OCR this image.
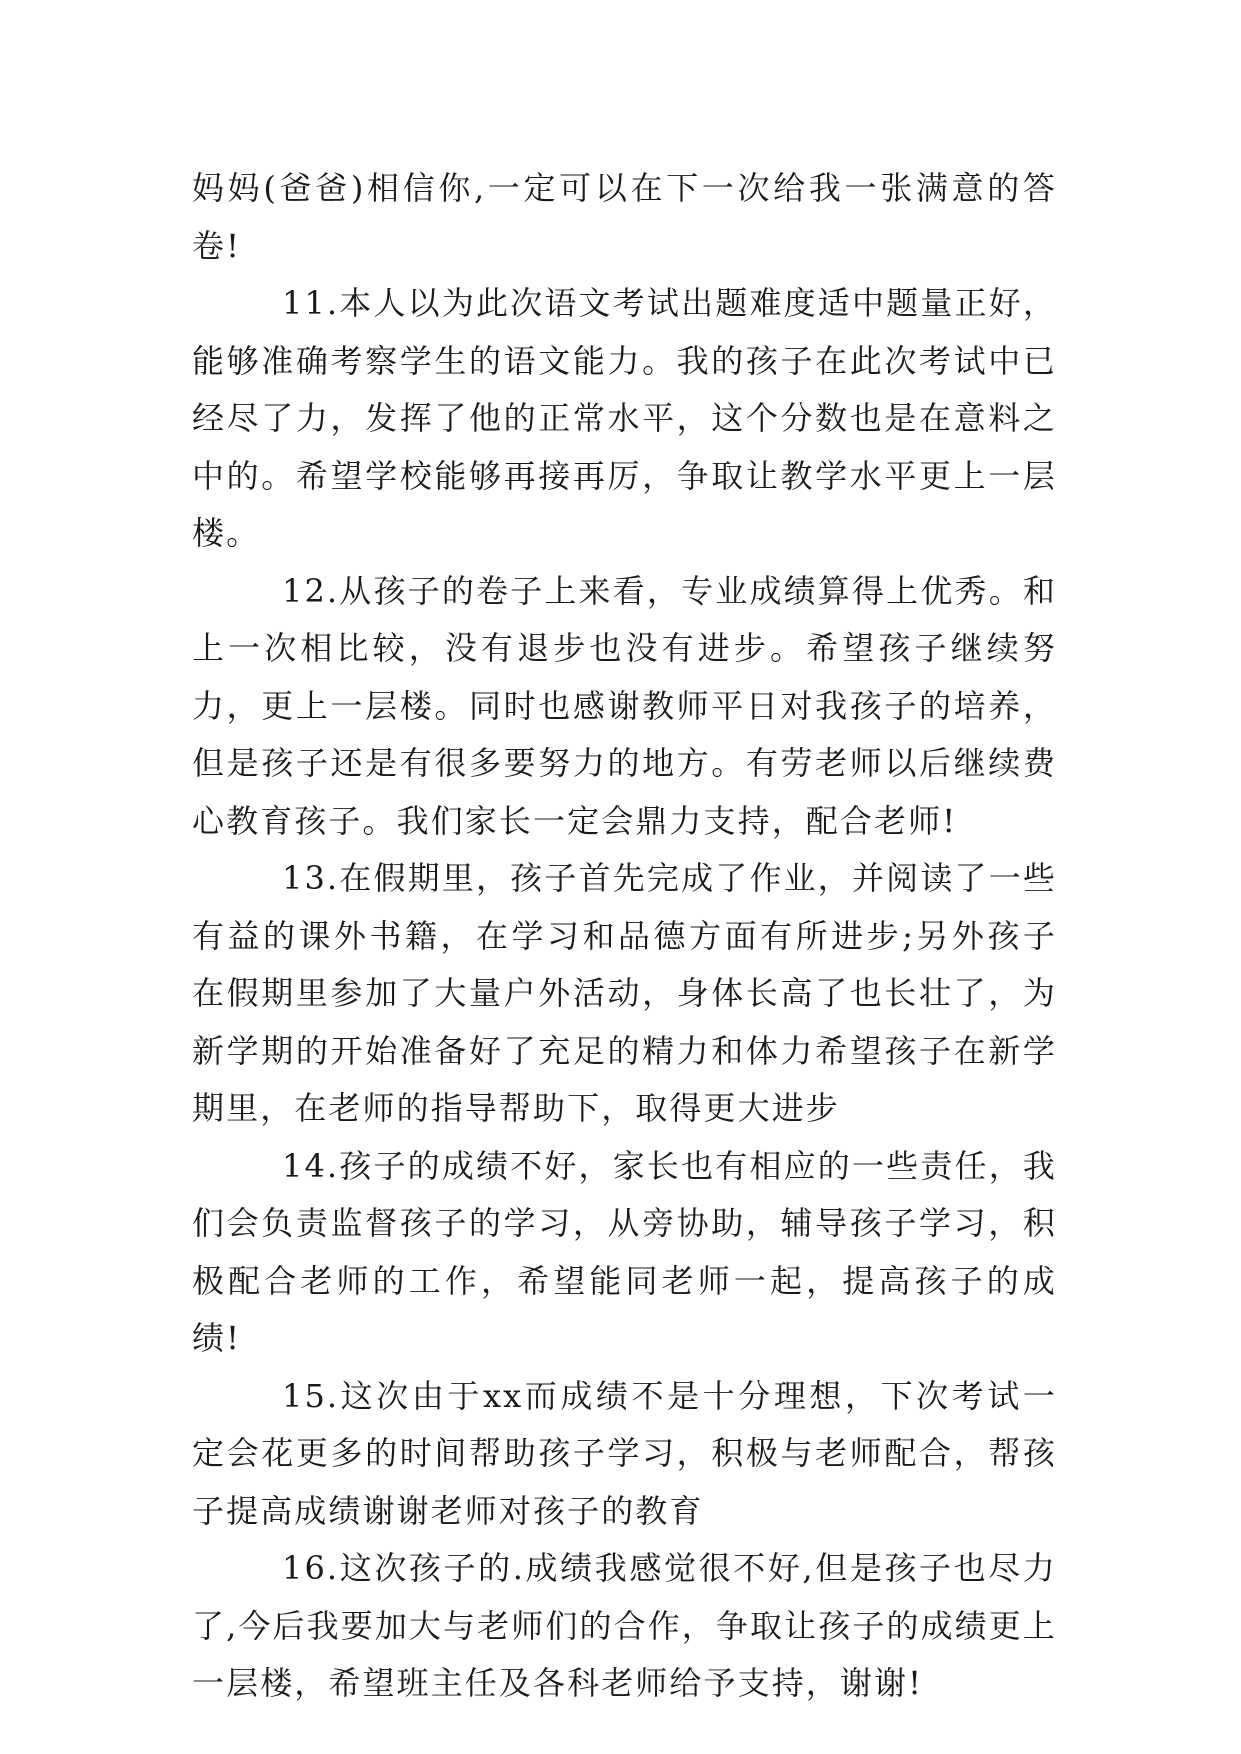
妈妈(爸爸)相信你,一定可以在下一次给我一张满意的答卷!

11.本人以为此次语文考试出题难度适中题量正好，能够准确考察学生的语文能力。我的孩子在此次考试中已经尽了力，发挥了他的正常水平，这个分数也是在意料之中的。希望学校能够再接再厉，争取让教学水平更上一层楼。

12.从孩子的卷子上来看，专业成绩算得上优秀。和上一次相比较，没有退步也没有进步。希望孩子继续努力，更上一层楼。同时也感谢教师平日对我孩子的培养，但是孩子还是有很多要努力的地方。有劳老师以后继续费心教育孩子。我们家长一定会鼎力支持，配合老师!

13.在假期里，孩子首先完成了作业，并阅读了一些有益的课外书籍，在学习和品德方面有所进步;另外孩子在假期里参加了大量户外活动，身体长高了也长壮了，为新学期的开始准备好了充足的精力和体力希望孩子在新学期里，在老师的指导帮助下，取得更大进步

14.孩子的成绩不好，家长也有相应的一些责任，我们会负责监督孩子的学习，从旁协助，辅导孩子学习，积极配合老师的工作，希望能同老师一起，提高孩子的成绩!

15.这次由于xx而成绩不是十分理想，下次考试一定会花更多的时间帮助孩子学习，积极与老师配合，帮孩子提高成绩谢谢老师对孩子的教育

16.这次孩子的.成绩我感觉很不好,但是孩子也尽力了,今后我要加大与老师们的合作，争取让孩子的成绩更上一层楼，希望班主任及各科老师给予支持，谢谢!
